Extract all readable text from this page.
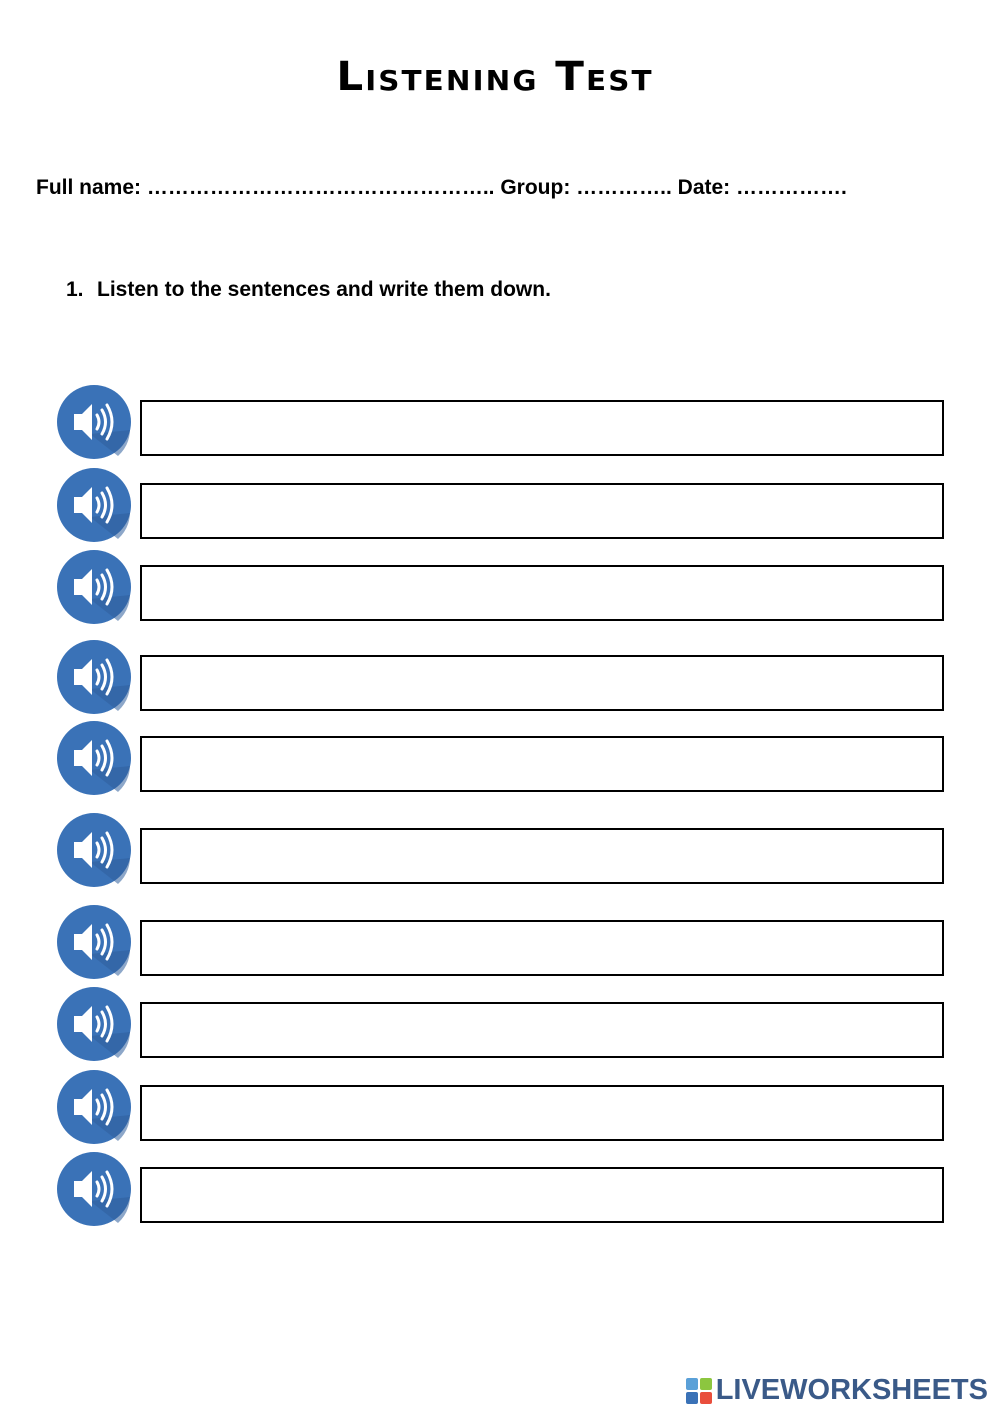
Listening Test
Full name: ………………………………………….. Group: ………….. Date: …………….
1. Listen to the sentences and write them down.
LIVEWORKSHEETS
